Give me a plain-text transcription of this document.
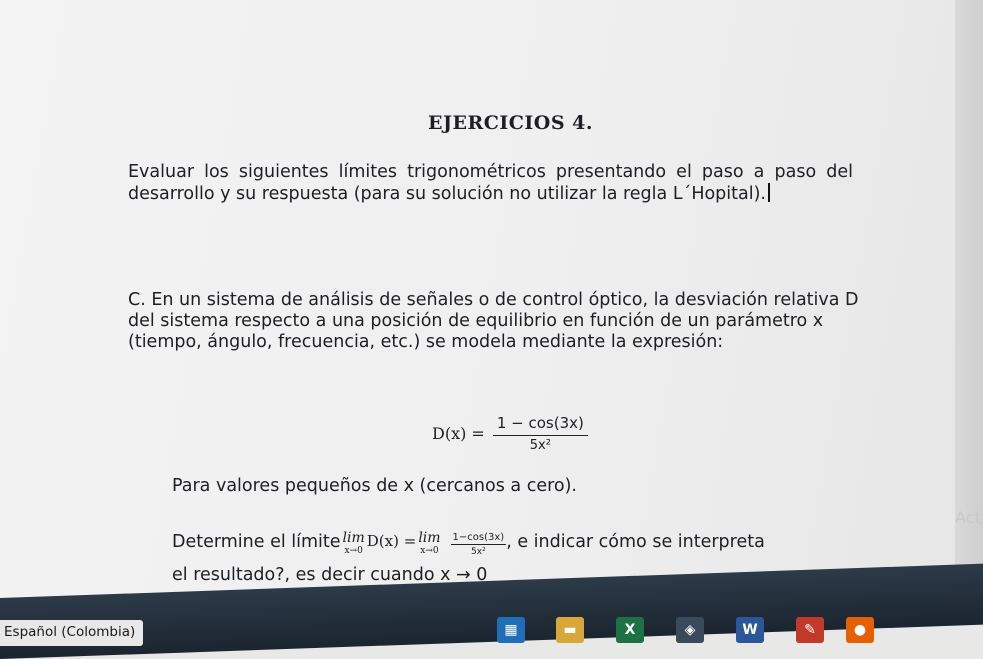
EJERCICIOS 4.
Evaluar los siguientes límites trigonométricos presentando el paso a paso del desarrollo y su respuesta (para su solución no utilizar la regla L´Hopital).
C. En un sistema de análisis de señales o de control óptico, la desviación relativa D del sistema respecto a una posición de equilibrio en función de un parámetro x (tiempo, ángulo, frecuencia, etc.) se modela mediante la expresión:
$D(x) = \frac{1 - \cos(3x)}{\text{5x²}}$
Para valores pequeños de x (cercanos a cero).
Determine el límite lim
x→0
D(x) = lim
$x\to 0 \frac{1-\cos(3x)}{\text{5x²}}$ , e indicar cómo se interpreta
el resultado?, es decir cuando x → 0
Act
Español (Colombia)	▦	▬	X	◈	W	✎	●
